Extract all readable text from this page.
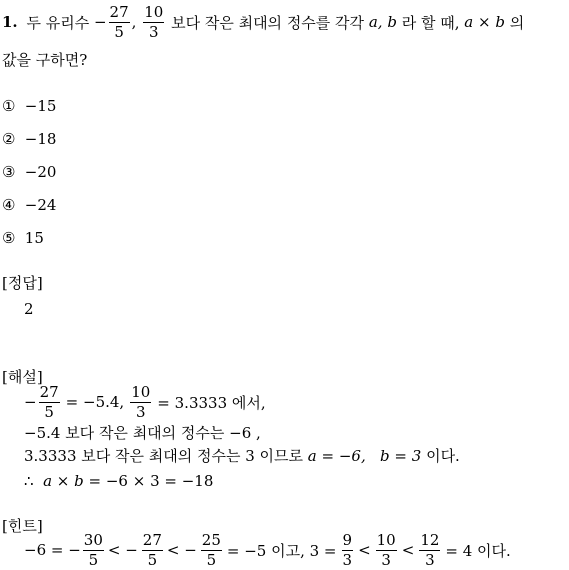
1.
두 유리수
− $\frac{27}{5}$ ,
$\frac{10}{3}$
보다 작은 최대의 정수를 각각
a,
b
라 할 때,
a × b
의
값을 구하면?
① −15
② −18
③ −20
④ −24
⑤ 15
[정답]
2
[해설]
− $\frac{27}{5} = -5.4$, $\frac{10}{3} = 3.3333$ 에서,
−5.4 보다 작은 최대의 정수는 −6 ,
3.3333 보다 작은 최대의 정수는 3 이므로 a = −6, b = 3 이다.
∴ a × b = −6 × 3 = −18
[힌트]
−6 = − $\frac{30}{5}$ < − $\frac{27}{5}$ < − $\frac{25}{5} = -5$ 이고, $3 = \frac{9}{3} < \frac{10}{3} < \frac{12}{3} = 4$ 이다.
